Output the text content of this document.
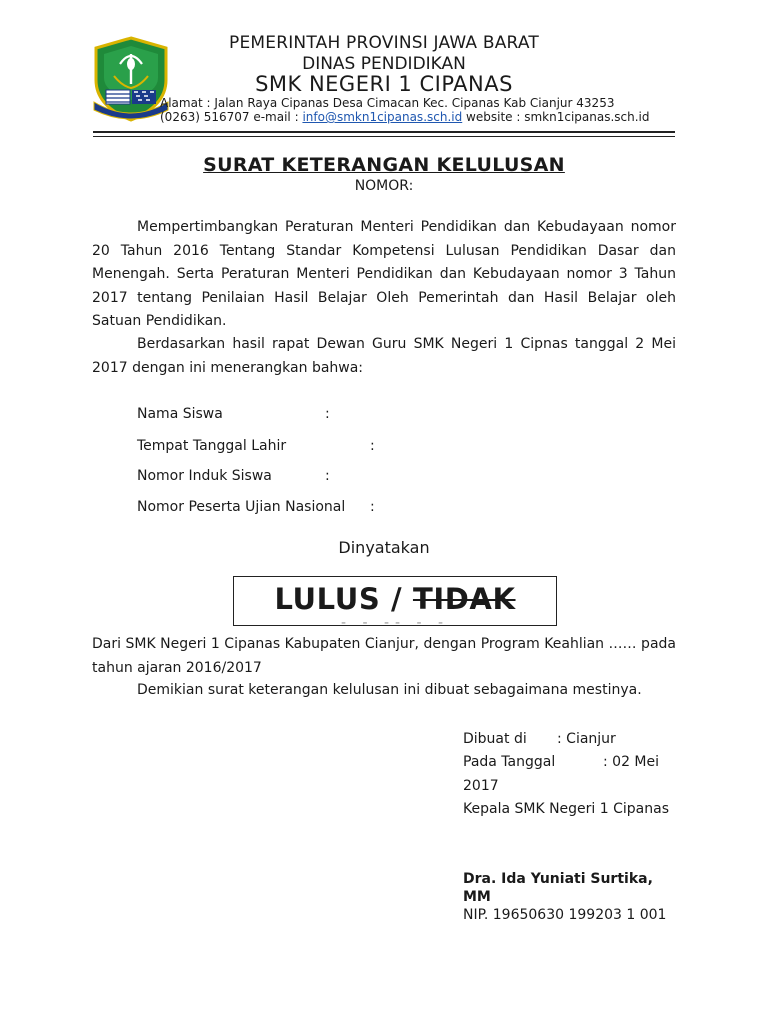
PEMERINTAH PROVINSI JAWA BARAT
DINAS PENDIDIKAN
SMK NEGERI 1 CIPANAS
Alamat : Jalan Raya Cipanas Desa Cimacan Kec. Cipanas Kab Cianjur 43253
(0263) 516707 e-mail : info@smkn1cipanas.sch.id website : smkn1cipanas.sch.id
SURAT KETERANGAN KELULUSAN
NOMOR:
Mempertimbangkan Peraturan Menteri Pendidikan dan Kebudayaan nomor 20 Tahun 2016 Tentang Standar Kompetensi Lulusan Pendidikan Dasar dan Menengah. Serta Peraturan Menteri Pendidikan dan Kebudayaan nomor 3 Tahun 2017 tentang Penilaian Hasil Belajar Oleh Pemerintah dan Hasil Belajar oleh Satuan Pendidikan.
Berdasarkan hasil rapat Dewan Guru SMK Negeri 1 Cipnas tanggal 2 Mei 2017 dengan ini menerangkan bahwa:
Nama Siswa	:
Tempat Tanggal Lahir	:
Nomor Induk Siswa	:
Nomor Peserta Ujian Nasional :
Dinyatakan
LULUS / TIDAK
- - -- - -
Dari SMK Negeri 1 Cipanas Kabupaten Cianjur, dengan Program Keahlian …… pada tahun ajaran 2016/2017
Demikian surat keterangan kelulusan ini dibuat sebagaimana mestinya.
Dibuat di : Cianjur
Pada Tanggal	: 02 Mei
2017
Kepala SMK Negeri 1 Cipanas
Dra. Ida Yuniati Surtika, MM
NIP. 19650630 199203 1 001
